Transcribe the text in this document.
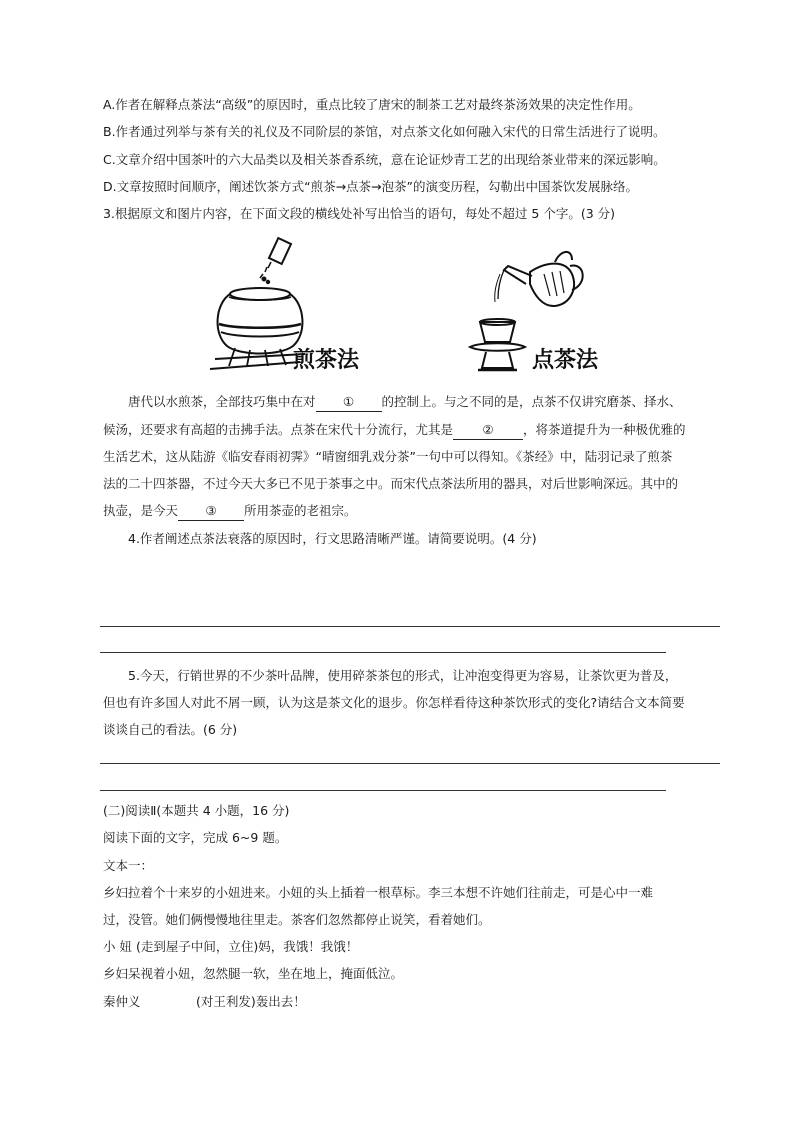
A.作者在解释点茶法“高级”的原因时，重点比较了唐宋的制茶工艺对最终茶汤效果的决定性作用。
B.作者通过列举与茶有关的礼仪及不同阶层的茶馆，对点茶文化如何融入宋代的日常生活进行了说明。
C.文章介绍中国茶叶的六大品类以及相关茶香系统，意在论证炒青工艺的出现给茶业带来的深远影响。
D.文章按照时间顺序，阐述饮茶方式“煎茶→点茶→泡茶”的演变历程，勾勒出中国茶饮发展脉络。
3.根据原文和图片内容，在下面文段的横线处补写出恰当的语句，每处不超过 5 个字。(3 分)
煎茶法	点茶法
唐代以水煎茶，全部技巧集中在对 ① 的控制上。与之不同的是，点茶不仅讲究磨茶、择水、
候汤，还要求有高超的击拂手法。点茶在宋代十分流行，尤其是 ② ，将茶道提升为一种极优雅的
生活艺术，这从陆游《临安春雨初霁》“晴窗细乳戏分茶”一句中可以得知。《茶经》中，陆羽记录了煎茶
法的二十四茶器，不过今天大多已不见于茶事之中。而宋代点茶法所用的器具，对后世影响深远。其中的
执壶，是今天 ③ 所用茶壶的老祖宗。
4.作者阐述点茶法衰落的原因时，行文思路清晰严谨。请简要说明。(4 分)
5.今天，行销世界的不少茶叶品牌，使用碎茶茶包的形式，让冲泡变得更为容易，让茶饮更为普及，
但也有许多国人对此不屑一顾，认为这是茶文化的退步。你怎样看待这种茶饮形式的变化?请结合文本简要
谈谈自己的看法。(6 分)
(二)阅读Ⅱ(本题共 4 小题，16 分)
阅读下面的文字，完成 6~9 题。
文本一：
乡妇拉着个十来岁的小妞进来。小妞的头上插着一根草标。李三本想不许她们往前走，可是心中一难
过，没管。她们俩慢慢地往里走。茶客们忽然都停止说笑，看着她们。
小 妞 (走到屋子中间，立住)妈，我饿！我饿！
乡妇呆视着小妞，忽然腿一软，坐在地上，掩面低泣。
秦仲义	(对王利发)轰出去！
